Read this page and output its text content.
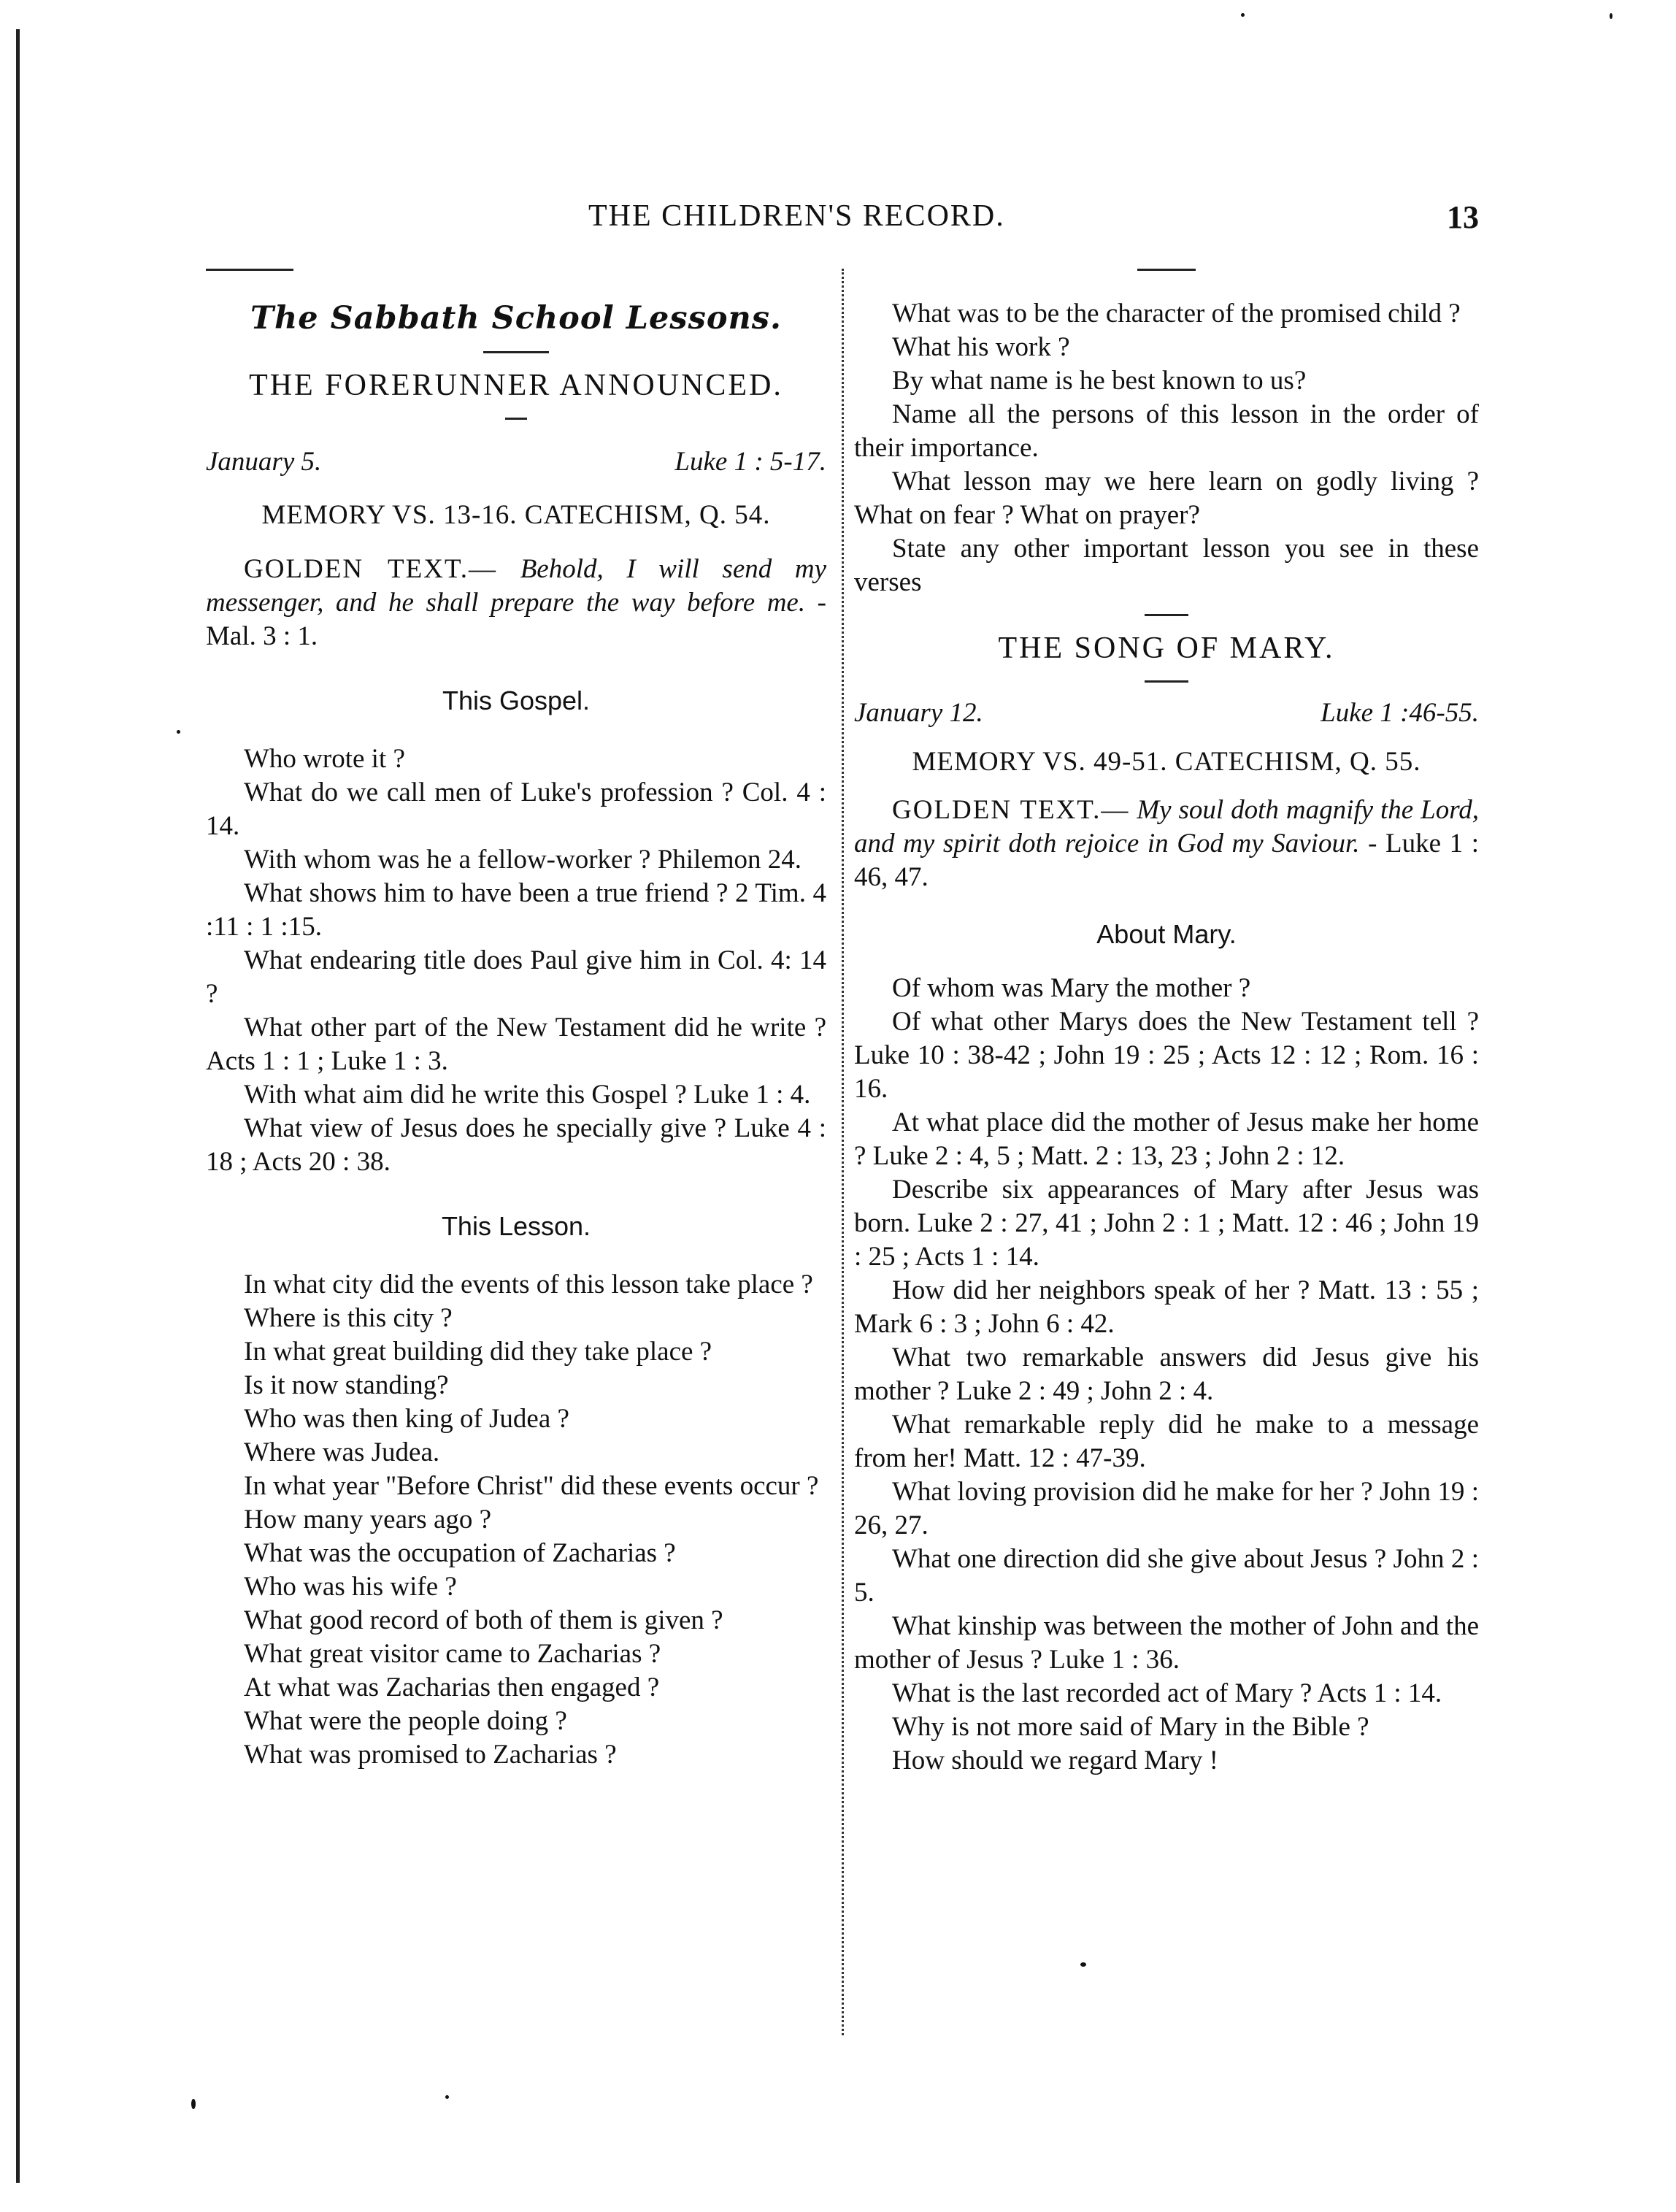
THE CHILDREN'S RECORD.	13
The Sabbath School Lessons.
THE FORERUNNER ANNOUNCED.
January 5.	Luke 1 : 5-17.
MEMORY VS. 13-16. CATECHISM, Q. 54.
GOLDEN TEXT.— Behold, I will send my messenger, and he shall prepare the way before me. - Mal. 3 : 1.
This Gospel.
Who wrote it ?
What do we call men of Luke's profession ? Col. 4 : 14.
With whom was he a fellow-worker ? Philemon 24.
What shows him to have been a true friend ? 2 Tim. 4 :11 : 1 :15.
What endearing title does Paul give him in Col. 4: 14 ?
What other part of the New Testament did he write ? Acts 1 : 1 ; Luke 1 : 3.
With what aim did he write this Gospel ? Luke 1 : 4.
What view of Jesus does he specially give ? Luke 4 : 18 ; Acts 20 : 38.
This Lesson.
In what city did the events of this lesson take place ?
Where is this city ?
In what great building did they take place ?
Is it now standing?
Who was then king of Judea ?
Where was Judea.
In what year "Before Christ" did these events occur ?
How many years ago ?
What was the occupation of Zacharias ?
Who was his wife ?
What good record of both of them is given ?
What great visitor came to Zacharias ?
At what was Zacharias then engaged ?
What were the people doing ?
What was promised to Zacharias ?
What was to be the character of the promised child ?
What his work ?
By what name is he best known to us?
Name all the persons of this lesson in the order of their importance.
What lesson may we here learn on godly living ? What on fear ? What on prayer?
State any other important lesson you see in these verses
THE SONG OF MARY.
January 12.	Luke 1 :46-55.
MEMORY VS. 49-51. CATECHISM, Q. 55.
GOLDEN TEXT.— My soul doth magnify the Lord, and my spirit doth rejoice in God my Saviour. - Luke 1 : 46, 47.
About Mary.
Of whom was Mary the mother ?
Of what other Marys does the New Testament tell ? Luke 10 : 38-42 ; John 19 : 25 ; Acts 12 : 12 ; Rom. 16 : 16.
At what place did the mother of Jesus make her home ? Luke 2 : 4, 5 ; Matt. 2 : 13, 23 ; John 2 : 12.
Describe six appearances of Mary after Jesus was born. Luke 2 : 27, 41 ; John 2 : 1 ; Matt. 12 : 46 ; John 19 : 25 ; Acts 1 : 14.
How did her neighbors speak of her ? Matt. 13 : 55 ; Mark 6 : 3 ; John 6 : 42.
What two remarkable answers did Jesus give his mother ? Luke 2 : 49 ; John 2 : 4.
What remarkable reply did he make to a message from her! Matt. 12 : 47-39.
What loving provision did he make for her ? John 19 : 26, 27.
What one direction did she give about Jesus ? John 2 : 5.
What kinship was between the mother of John and the mother of Jesus ? Luke 1 : 36.
What is the last recorded act of Mary ? Acts 1 : 14.
Why is not more said of Mary in the Bible ?
How should we regard Mary !
